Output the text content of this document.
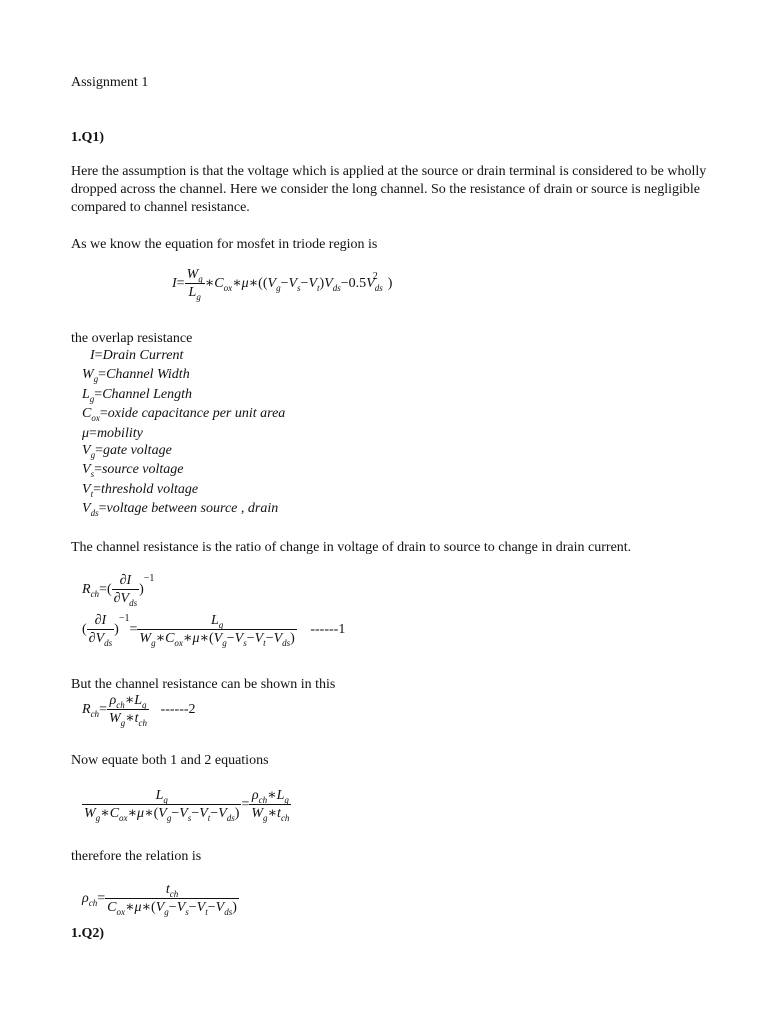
Assignment 1
1.Q1)
Here the assumption is that the voltage which is applied at the source or drain terminal is considered to be wholly dropped across the channel. Here we consider the long channel. So the resistance of drain or source is negligible compared to channel resistance.
As we know the equation for mosfet in triode region is
$I= \frac{W_g}{L_g}$ $∗C_{ox}∗\mu∗((V_g-V_s-V_t)V_{ds}-0.5V_{ds}^2$ )
the overlap resistance
I=Drain Current
$W_g=Channel$ Width
$L_g=Channel$ Length
$C_{ox}=oxide$ capacitance per unit area
μ=mobility
$V_g=gate$ voltage
$V_s=source$ voltage
$V_t=threshold$ voltage
$V_{ds}=voltage$ between source , drain
The channel resistance is the ratio of change in voltage of drain to source to change in drain current.
$R_{ch}=( \frac{\partial I}{\partial V_{ds}} )^{-1}$
( $\frac{\partial I}{\partial V_{ds}} )^{-1}= \frac{L_g}{W_g∗C_{ox}∗\mu∗(V_g-V_s-V_t-V_{ds})} ------1$
But the channel resistance can be shown in this
$R_{ch}= \frac{\rho_{ch}∗L_g}{W_g∗t_{ch}} ------2$
Now equate both 1 and 2 equations
$\frac{L_g}{W_g∗C_{ox}∗\mu∗(V_g-V_s-V_t-V_{ds})} = \frac{\rho_{ch}∗L_g}{W_g∗t_{ch}}$
therefore the relation is
$\rho_{ch}= \frac{t_{ch}}{C_{ox}∗\mu∗(V_g-V_s-V_t-V_{ds})}$
1.Q2)
